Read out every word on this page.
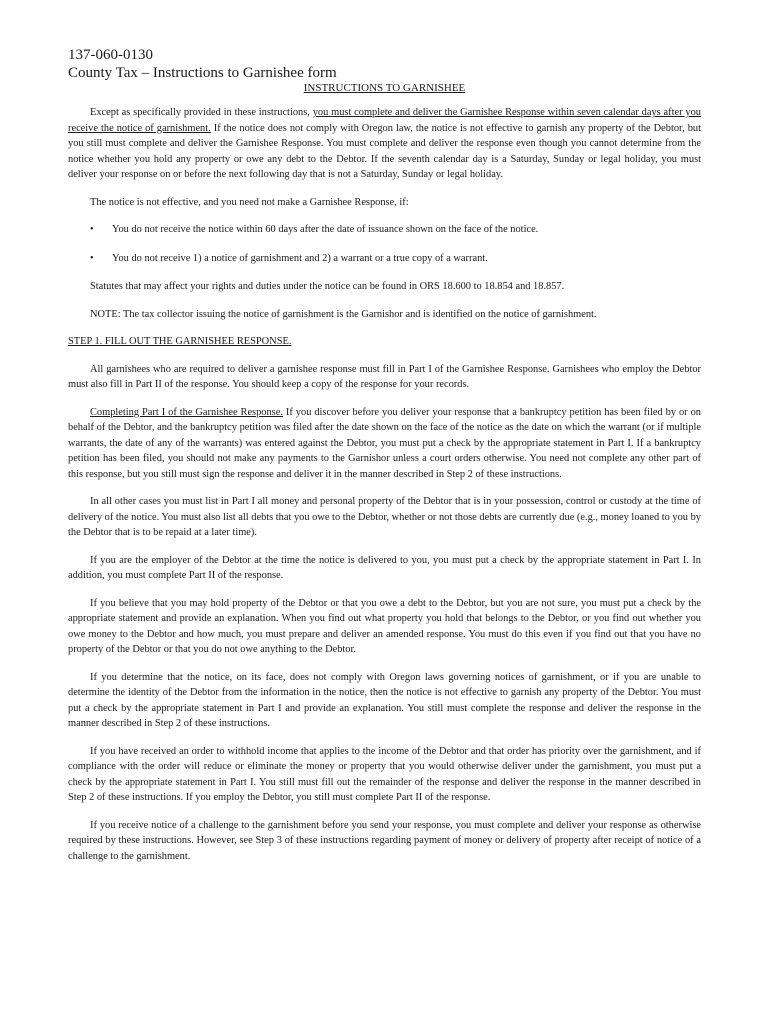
137-060-0130
County Tax – Instructions to Garnishee form
INSTRUCTIONS TO GARNISHEE

Except as specifically provided in these instructions, you must complete and deliver the Garnishee Response within seven calendar days after you receive the notice of garnishment. If the notice does not comply with Oregon law, the notice is not effective to garnish any property of the Debtor, but you still must complete and deliver the Garnishee Response. You must complete and deliver the response even though you cannot determine from the notice whether you hold any property or owe any debt to the Debtor. If the seventh calendar day is a Saturday, Sunday or legal holiday, you must deliver your response on or before the next following day that is not a Saturday, Sunday or legal holiday.

The notice is not effective, and you need not make a Garnishee Response, if:

•	You do not receive the notice within 60 days after the date of issuance shown on the face of the notice.
•	You do not receive 1) a notice of garnishment and 2) a warrant or a true copy of a warrant.

Statutes that may affect your rights and duties under the notice can be found in ORS 18.600 to 18.854 and 18.857.

NOTE: The tax collector issuing the notice of garnishment is the Garnishor and is identified on the notice of garnishment.

STEP 1. FILL OUT THE GARNISHEE RESPONSE.

All garnishees who are required to deliver a garnishee response must fill in Part I of the Garnishee Response. Garnishees who employ the Debtor must also fill in Part II of the response. You should keep a copy of the response for your records.

Completing Part I of the Garnishee Response. If you discover before you deliver your response that a bankruptcy petition has been filed by or on behalf of the Debtor, and the bankruptcy petition was filed after the date shown on the face of the notice as the date on which the warrant (or if multiple warrants, the date of any of the warrants) was entered against the Debtor, you must put a check by the appropriate statement in Part I. If a bankruptcy petition has been filed, you should not make any payments to the Garnishor unless a court orders otherwise. You need not complete any other part of this response, but you still must sign the response and deliver it in the manner described in Step 2 of these instructions.

In all other cases you must list in Part I all money and personal property of the Debtor that is in your possession, control or custody at the time of delivery of the notice. You must also list all debts that you owe to the Debtor, whether or not those debts are currently due (e.g., money loaned to you by the Debtor that is to be repaid at a later time).

If you are the employer of the Debtor at the time the notice is delivered to you, you must put a check by the appropriate statement in Part I. In addition, you must complete Part II of the response.

If you believe that you may hold property of the Debtor or that you owe a debt to the Debtor, but you are not sure, you must put a check by the appropriate statement and provide an explanation. When you find out what property you hold that belongs to the Debtor, or you find out whether you owe money to the Debtor and how much, you must prepare and deliver an amended response. You must do this even if you find out that you have no property of the Debtor or that you do not owe anything to the Debtor.

If you determine that the notice, on its face, does not comply with Oregon laws governing notices of garnishment, or if you are unable to determine the identity of the Debtor from the information in the notice, then the notice is not effective to garnish any property of the Debtor. You must put a check by the appropriate statement in Part I and provide an explanation. You still must complete the response and deliver the response in the manner described in Step 2 of these instructions.

If you have received an order to withhold income that applies to the income of the Debtor and that order has priority over the garnishment, and if compliance with the order will reduce or eliminate the money or property that you would otherwise deliver under the garnishment, you must put a check by the appropriate statement in Part I. You still must fill out the remainder of the response and deliver the response in the manner described in Step 2 of these instructions. If you employ the Debtor, you still must complete Part II of the response.

If you receive notice of a challenge to the garnishment before you send your response, you must complete and deliver your response as otherwise required by these instructions. However, see Step 3 of these instructions regarding payment of money or delivery of property after receipt of notice of a challenge to the garnishment.
